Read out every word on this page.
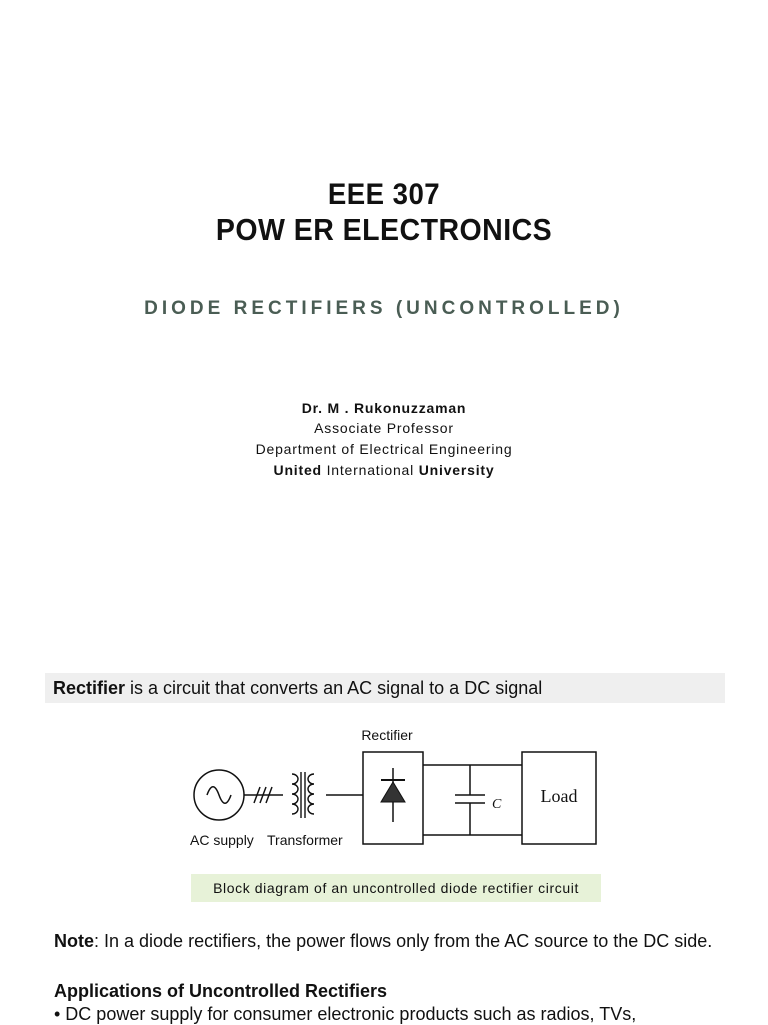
EEE 307
POW ER ELECTRONICS
DIODE RECTIFIERS (UNCONTROLLED)
Dr. M . Rukonuzzaman
Associate Professor
Department of Electrical Engineering
United International University
Rectifier is a circuit that converts an AC signal to a DC signal
Rectifier
C Load
AC supply Transformer
Block diagram of an uncontrolled diode rectifier circuit
Note: In a diode rectifiers, the power flows only from the AC source to the DC side.
Applications of Uncontrolled Rectifiers
• DC power supply for consumer electronic products such as radios, TVs,
